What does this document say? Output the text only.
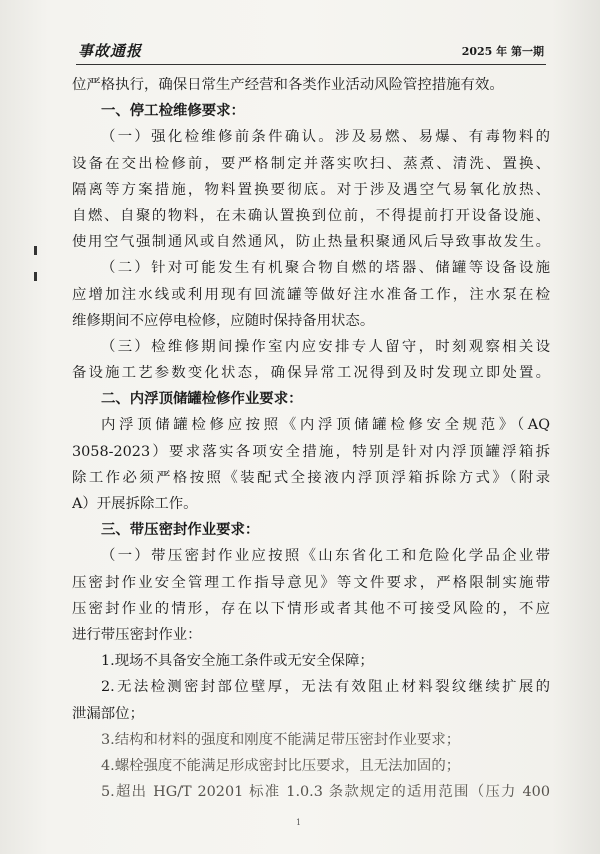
事故通报	2025 年 第一期
位严格执行，确保日常生产经营和各类作业活动风险管控措施有效。
一、停工检维修要求：
（一）强化检维修前条件确认。涉及易燃、易爆、有毒物料的
设备在交出检修前，要严格制定并落实吹扫、蒸煮、清洗、置换、
隔离等方案措施，物料置换要彻底。对于涉及遇空气易氧化放热、
自燃、自聚的物料，在未确认置换到位前，不得提前打开设备设施、
使用空气强制通风或自然通风，防止热量积聚通风后导致事故发生。
（二）针对可能发生有机聚合物自燃的塔器、储罐等设备设施
应增加注水线或利用现有回流罐等做好注水准备工作，注水泵在检
维修期间不应停电检修，应随时保持备用状态。
（三）检维修期间操作室内应安排专人留守，时刻观察相关设
备设施工艺参数变化状态，确保异常工况得到及时发现立即处置。
二、内浮顶储罐检修作业要求：
内浮顶储罐检修应按照《内浮顶储罐检修安全规范》（AQ
3058-2023）要求落实各项安全措施，特别是针对内浮顶罐浮箱拆
除工作必须严格按照《装配式全接液内浮顶浮箱拆除方式》（附录
A）开展拆除工作。
三、带压密封作业要求：
（一）带压密封作业应按照《山东省化工和危险化学品企业带
压密封作业安全管理工作指导意见》等文件要求，严格限制实施带
压密封作业的情形，存在以下情形或者其他不可接受风险的，不应
进行带压密封作业：
1.现场不具备安全施工条件或无安全保障；
2.无法检测密封部位壁厚，无法有效阻止材料裂纹继续扩展的
泄漏部位；
3.结构和材料的强度和刚度不能满足带压密封作业要求；
4.螺栓强度不能满足形成密封比压要求，且无法加固的；
5.超出 HG/T 20201 标准 1.0.3 条款规定的适用范围（压力 400
1
